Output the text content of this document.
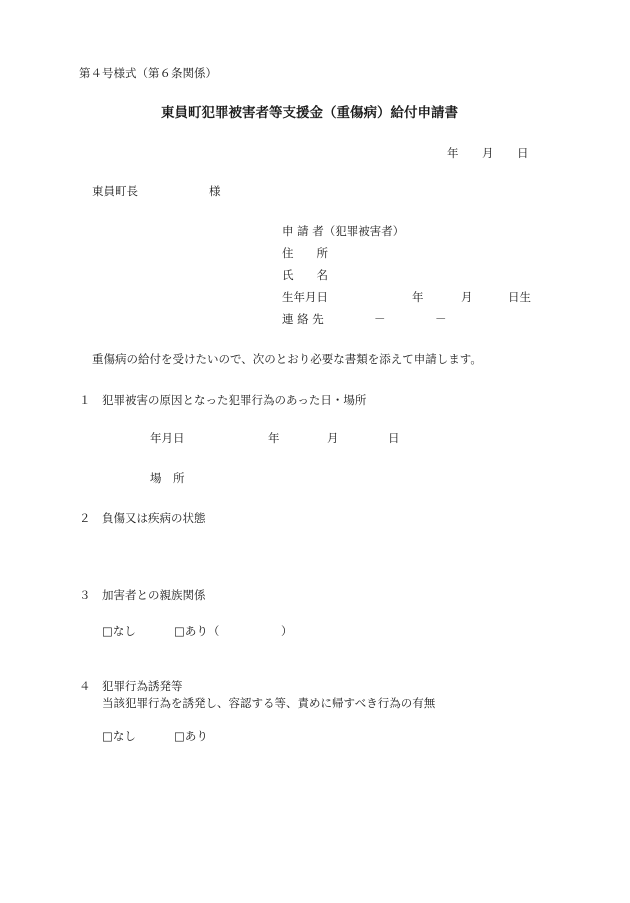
第４号様式（第６条関係）
東員町犯罪被害者等支援金（重傷病）給付申請書
年 月 日
東員町長	様
申 請 者（犯罪被害者）
住　　所
氏　　名
生年月日	年	月	日生
連 絡 先	－	－
重傷病の給付を受けたいので、次のとおり必要な書類を添えて申請します。
１ 犯罪被害の原因となった犯罪行為のあった日・場所
年月日	年	月	日
場　所
２ 負傷又は疾病の状態
３ 加害者との親族関係
□なし	□あり（	）
４ 犯罪行為誘発等
当該犯罪行為を誘発し、容認する等、責めに帰すべき行為の有無
□なし	□あり
